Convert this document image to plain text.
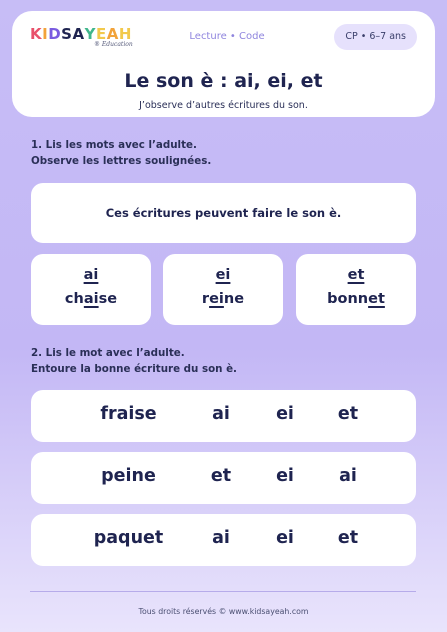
KIDSAYEAH
® Education
Lecture • Code	CP • 6–7 ans
Le son è : ai, ei, et
J’observe d’autres écritures du son.
1. Lis les mots avec l’adulte.
Observe les lettres soulignées.
Ces écritures peuvent faire le son è.
ai
chaise
ei
reine
et
bonnet
2. Lis le mot avec l’adulte.
Entoure la bonne écriture du son è.
fraise	ai	ei	et
peine	et	ei	ai
paquet	ai	ei	et
Tous droits réservés © www.kidsayeah.com
